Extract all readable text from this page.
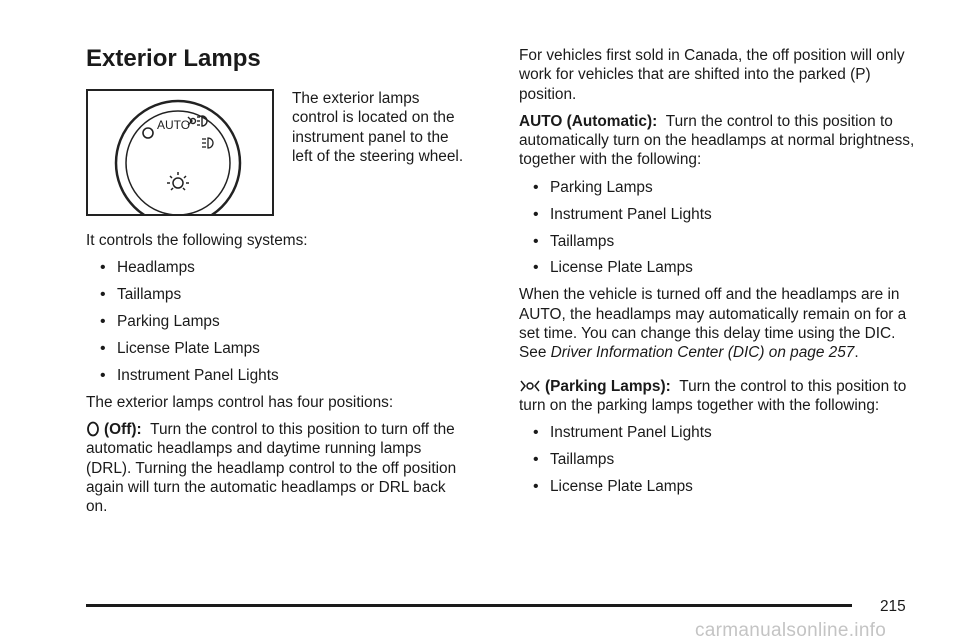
Exterior Lamps
AUTO
The exterior lamps control is located on the instrument panel to the left of the steering wheel.

It controls the following systems:

• Headlamps
• Taillamps
• Parking Lamps
• License Plate Lamps
• Instrument Panel Lights

The exterior lamps control has four positions:

(Off): Turn the control to this position to turn off the automatic headlamps and daytime running lamps (DRL). Turning the headlamp control to the off position again will turn the automatic headlamps or DRL back on.

For vehicles first sold in Canada, the off position will only work for vehicles that are shifted into the parked (P) position.

AUTO (Automatic): Turn the control to this position to automatically turn on the headlamps at normal brightness, together with the following:

• Parking Lamps
• Instrument Panel Lights
• Taillamps
• License Plate Lamps

When the vehicle is turned off and the headlamps are in AUTO, the headlamps may automatically remain on for a set time. You can change this delay time using the DIC. See Driver Information Center (DIC) on page 257.

(Parking Lamps): Turn the control to this position to turn on the parking lamps together with the following:

• Instrument Panel Lights
• Taillamps
• License Plate Lamps
215
carmanualsonline.info
